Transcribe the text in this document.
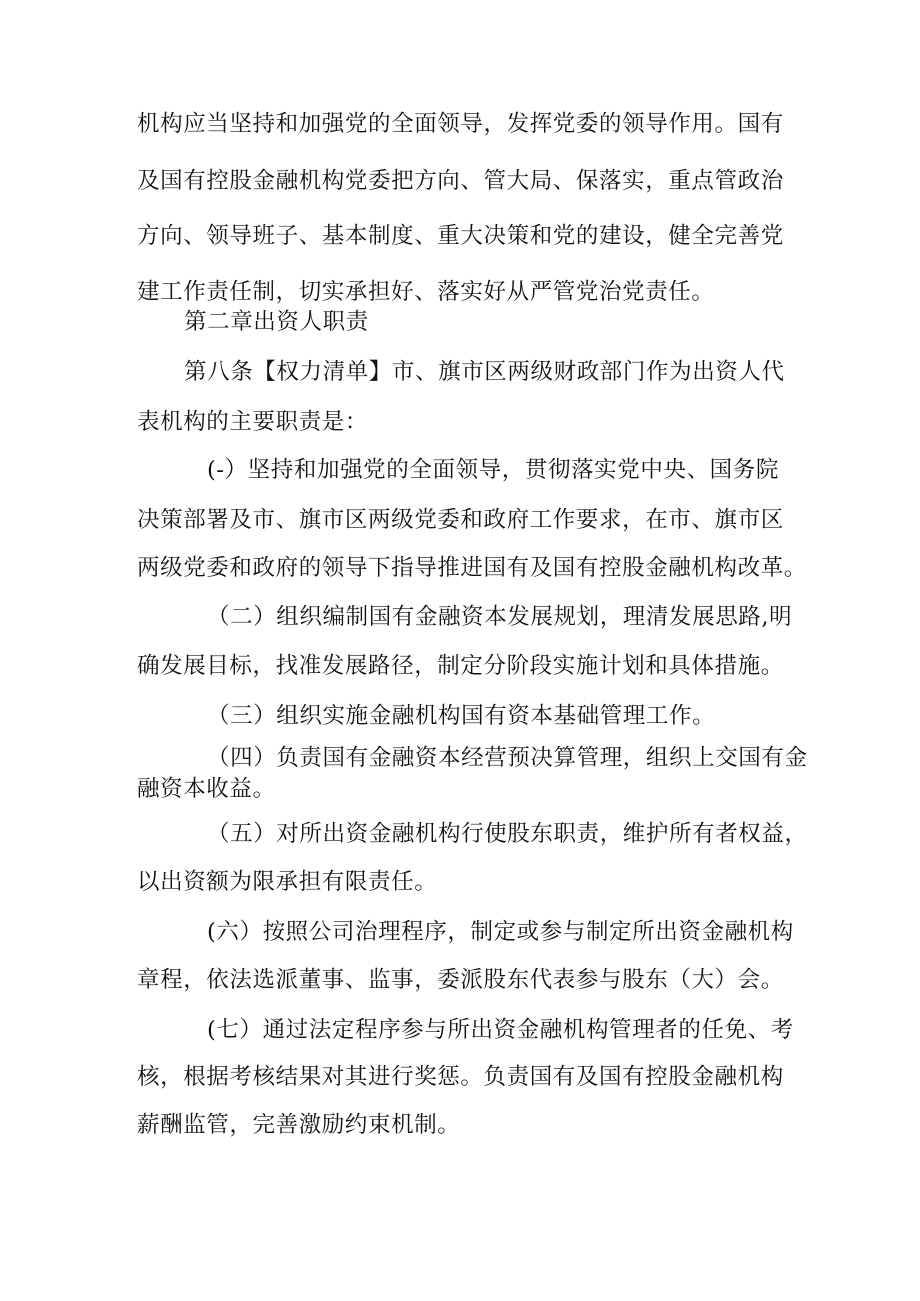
机构应当坚持和加强党的全面领导，发挥党委的领导作用。国有
及国有控股金融机构党委把方向、管大局、保落实，重点管政治
方向、领导班子、基本制度、重大决策和党的建设，健全完善党
建工作责任制，切实承担好、落实好从严管党治党责任。
第二章出资人职责
第八条【权力清单】市、旗市区两级财政部门作为出资人代
表机构的主要职责是：
(-）坚持和加强党的全面领导，贯彻落实党中央、国务院
决策部署及市、旗市区两级党委和政府工作要求，在市、旗市区
两级党委和政府的领导下指导推进国有及国有控股金融机构改革。
（二）组织编制国有金融资本发展规划，理清发展思路,明
确发展目标，找准发展路径，制定分阶段实施计划和具体措施。
（三）组织实施金融机构国有资本基础管理工作。
（四）负责国有金融资本经营预决算管理，组织上交国有金
融资本收益。
（五）对所出资金融机构行使股东职责，维护所有者权益，
以出资额为限承担有限责任。
(六）按照公司治理程序，制定或参与制定所出资金融机构
章程，依法选派董事、监事，委派股东代表参与股东（大）会。
(七）通过法定程序参与所出资金融机构管理者的任免、考
核，根据考核结果对其进行奖惩。负责国有及国有控股金融机构
薪酬监管，完善激励约束机制。
